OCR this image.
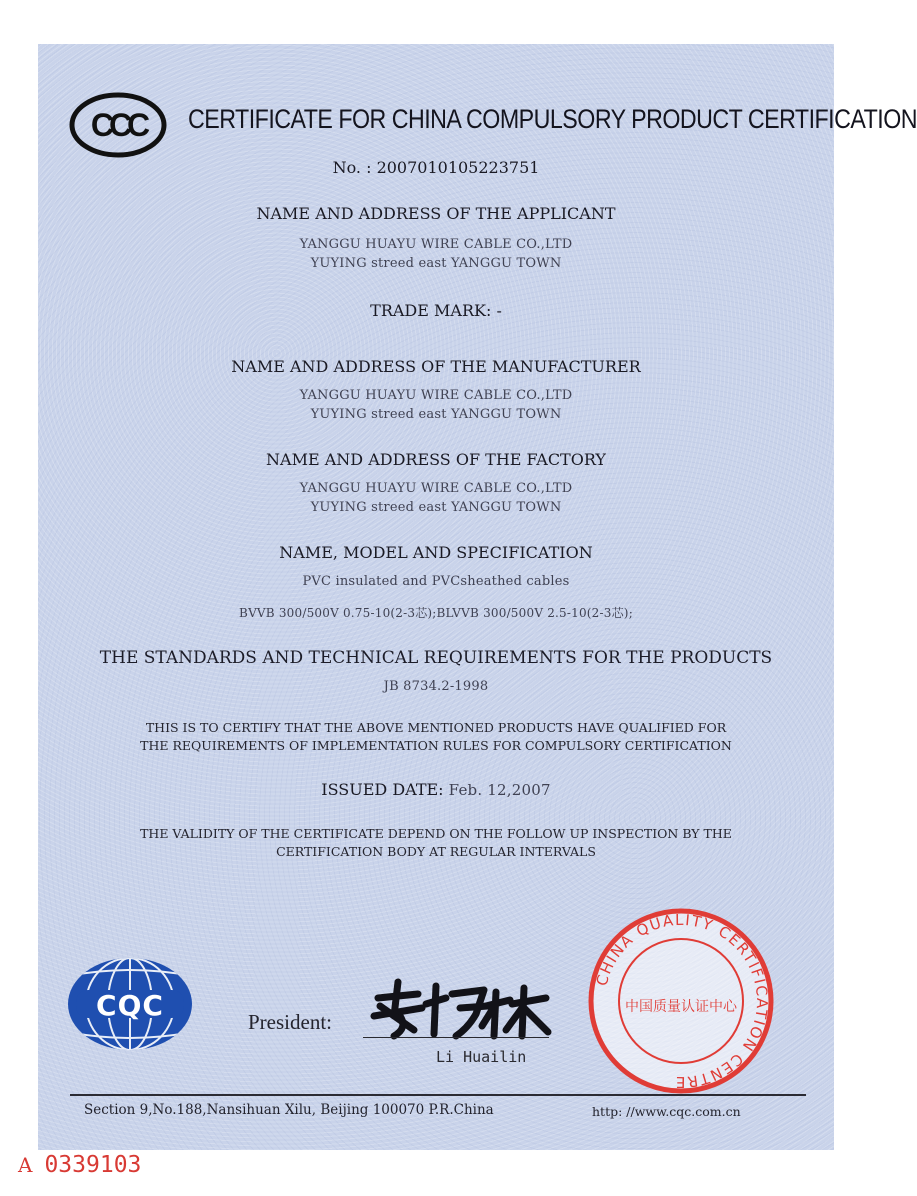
CCC CERTIFICATE FOR CHINA COMPULSORY PRODUCT CERTIFICATION
No. : 2007010105223751
NAME AND ADDRESS OF THE APPLICANT
YANGGU HUAYU WIRE CABLE CO.,LTD
YUYING streed east YANGGU TOWN
TRADE MARK: -
NAME AND ADDRESS OF THE MANUFACTURER
YANGGU HUAYU WIRE CABLE CO.,LTD
YUYING streed east YANGGU TOWN
NAME AND ADDRESS OF THE FACTORY
YANGGU HUAYU WIRE CABLE CO.,LTD
YUYING streed east YANGGU TOWN
NAME, MODEL AND SPECIFICATION
PVC insulated and PVCsheathed cables
BVVB 300/500V 0.75-10(2-3芯);BLVVB 300/500V 2.5-10(2-3芯);
THE STANDARDS AND TECHNICAL REQUIREMENTS FOR THE PRODUCTS
JB 8734.2-1998
THIS IS TO CERTIFY THAT THE ABOVE MENTIONED PRODUCTS HAVE QUALIFIED FOR
THE REQUIREMENTS OF IMPLEMENTATION RULES FOR COMPULSORY CERTIFICATION
ISSUED DATE: Feb. 12,2007
THE VALIDITY OF THE CERTIFICATE DEPEND ON THE FOLLOW UP INSPECTION BY THE
CERTIFICATION BODY AT REGULAR INTERVALS
CQC	President:
Li Huailin
CHINA QUALITY CERTIFICATION CENTRE
中国质量认证中心
Section 9,No.188,Nansihuan Xilu, Beijing 100070 P.R.China	http: //www.cqc.com.cn
A 0339103
